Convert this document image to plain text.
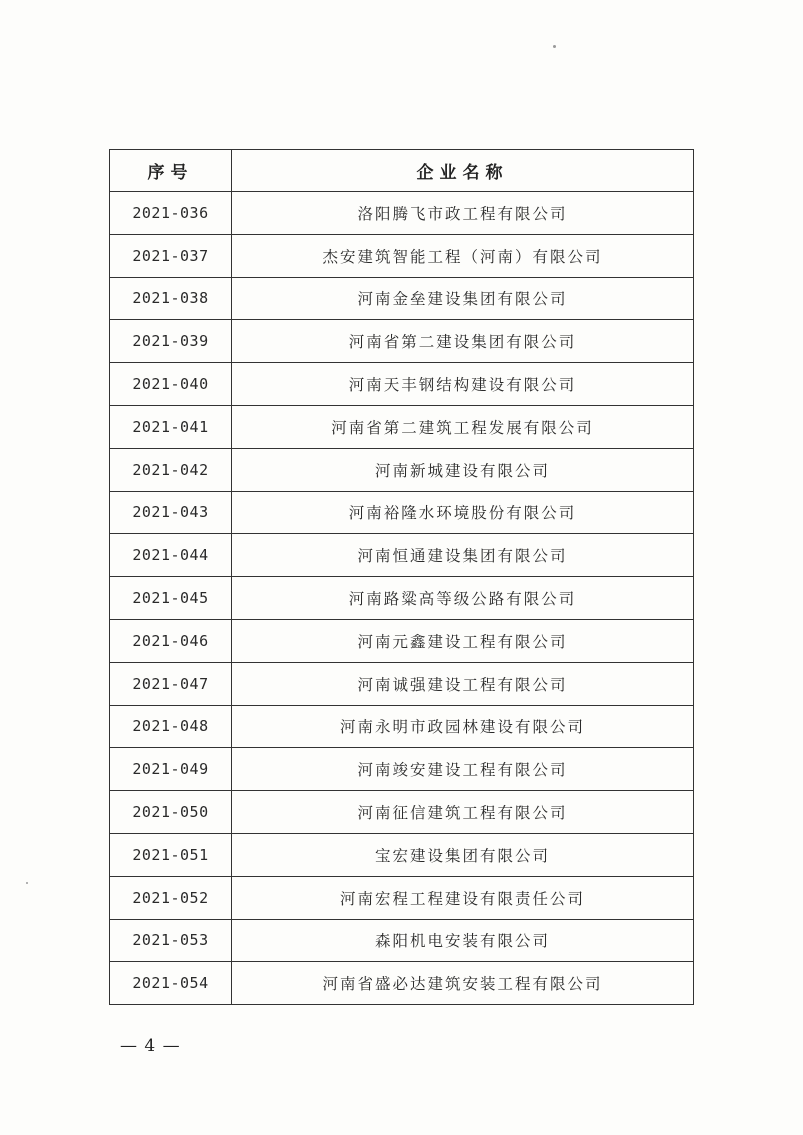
序号	企业名称
2021-036	洛阳腾飞市政工程有限公司
2021-037	杰安建筑智能工程（河南）有限公司
2021-038	河南金垒建设集团有限公司
2021-039	河南省第二建设集团有限公司
2021-040	河南天丰钢结构建设有限公司
2021-041	河南省第二建筑工程发展有限公司
2021-042	河南新城建设有限公司
2021-043	河南裕隆水环境股份有限公司
2021-044	河南恒通建设集团有限公司
2021-045	河南路粱高等级公路有限公司
2021-046	河南元鑫建设工程有限公司
2021-047	河南诚强建设工程有限公司
2021-048	河南永明市政园林建设有限公司
2021-049	河南竣安建设工程有限公司
2021-050	河南征信建筑工程有限公司
2021-051	宝宏建设集团有限公司
2021-052	河南宏程工程建设有限责任公司
2021-053	森阳机电安装有限公司
2021-054	河南省盛必达建筑安装工程有限公司
— 4 —
